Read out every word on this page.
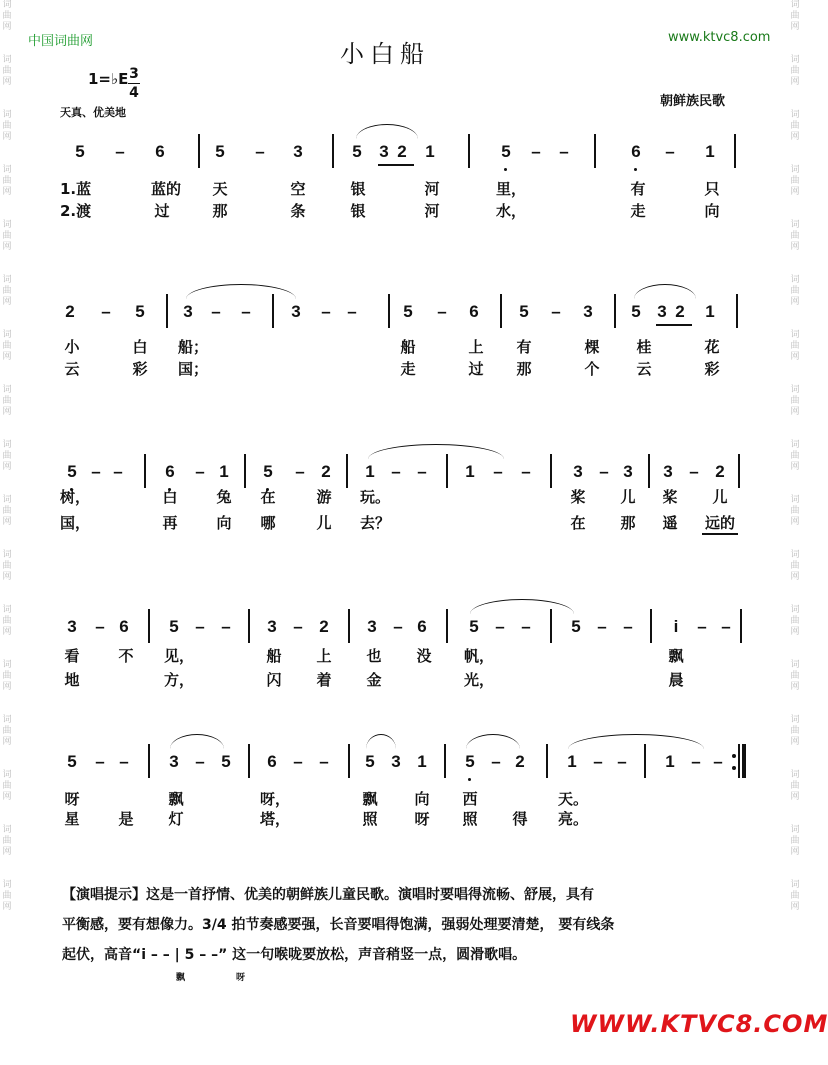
词
曲
网

词
曲
网

词
曲
网

词
曲
网

词
曲
网

词
曲
网

词
曲
网

词
曲
网

词
曲
网

词
曲
网

词
曲
网

词
曲
网

词
曲
网

词
曲
网

词
曲
网

词
曲
网

词
曲
网
词
曲
网

词
曲
网

词
曲
网

词
曲
网

词
曲
网

词
曲
网

词
曲
网

词
曲
网

词
曲
网

词
曲
网

词
曲
网

词
曲
网

词
曲
网

词
曲
网

词
曲
网

词
曲
网

词
曲
网
中国词曲网	www.ktvc8.com
小白船
1=♭E 3
4
天真、优美地
朝鲜族民歌
5	–	6	5	–	3	5	3 2	1	5	–	–	6	–	1
1.蓝	蓝的	天	空	银	河	里，	有	只
2.渡	过	那	条	银	河	水，	走	向
2	–	5	3	–	–	3	– –	5	–	6	5	–	3	5 3 2	1
小	白	船；	船	上	有	棵	桂	花
云	彩	国；	走	过	那	个	云	彩
5 – –	6	– 1	5	– 2	1 – –	1	–	–	3 – 3	3 – 2
树，	白	兔	在	游	玩。	桨	儿	桨	儿
国，	再	向	哪	儿	去？	在	那	遥	远的
3	– 6	5 – –	3 – 2	3 – 6	5 – –	5 – –	i	– –
看	不	见，	船	上	也	没	帆，	飘
地	方，	闪	着	金	光，	晨
5	– –	3 – 5	6 – –	5 3 1	5 – 2	1 – –	1 – –
呀	飘	呀，	飘	向	西	天。
星	是	灯	塔，	照	呀	照	得	亮。
【演唱提示】这是一首抒情、优美的朝鲜族儿童民歌。演唱时要唱得流畅、舒展，具有
平衡感，要有想像力。3/4 拍节奏感要强，长音要唱得饱满，强弱处理要清楚， 要有线条
起伏，高音“i – – | 5 – –” 这一句喉咙要放松，声音稍竖一点，圆滑歌唱。
飘	呀
WWW.KTVC8.COM
